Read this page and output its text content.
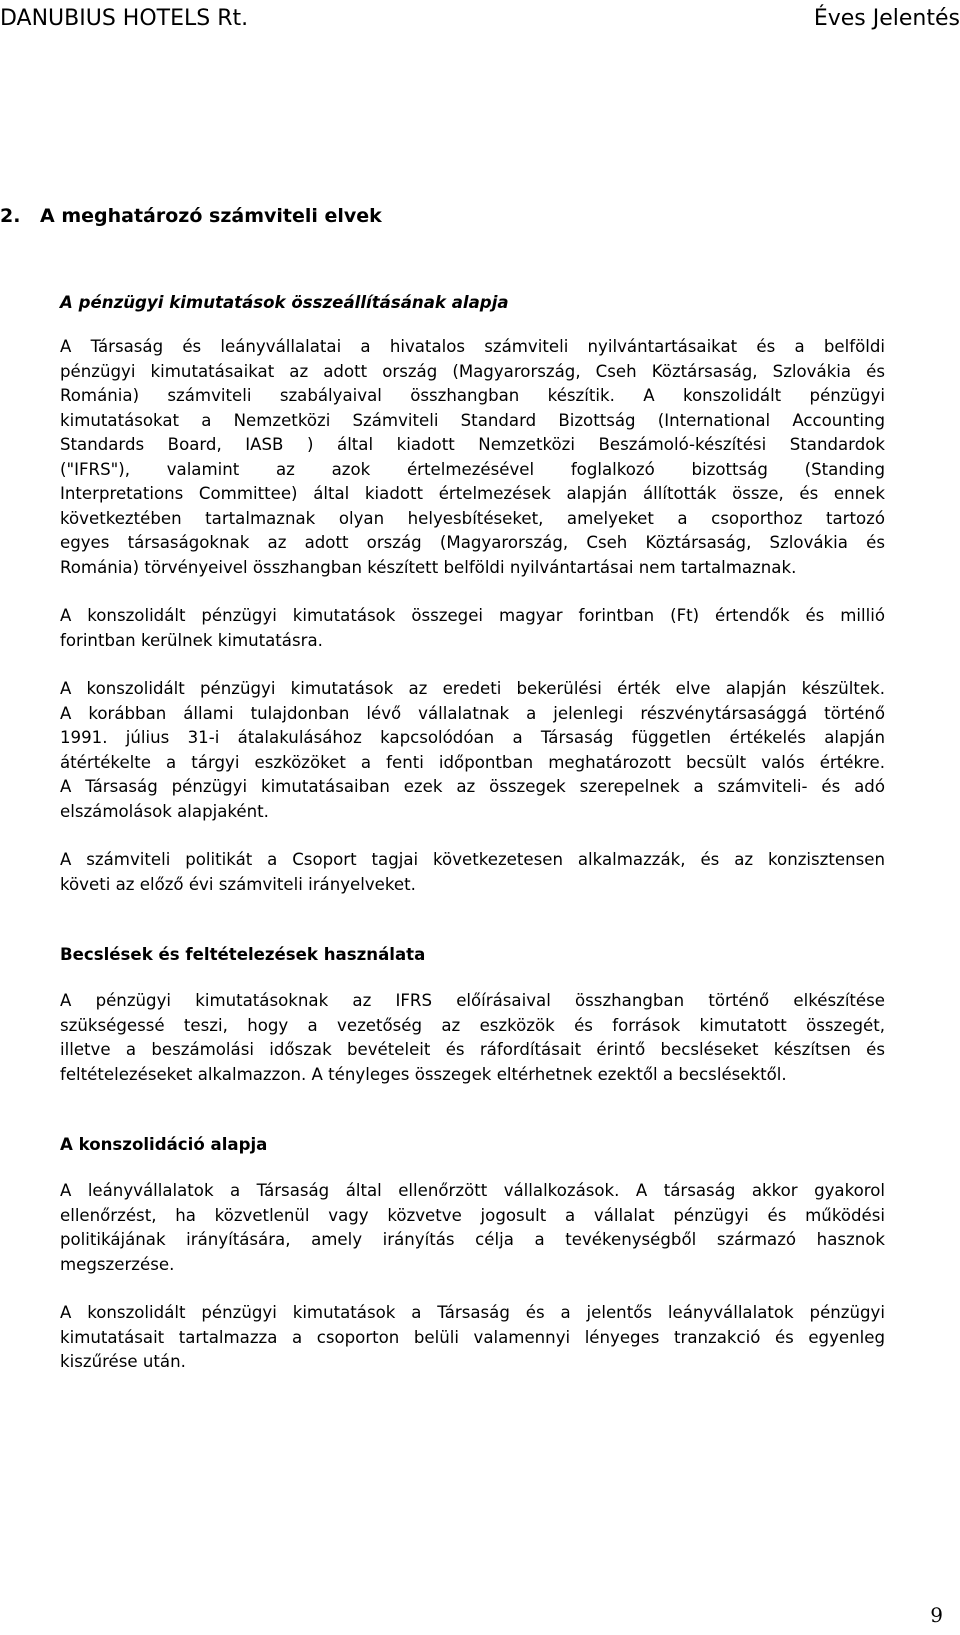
DANUBIUS HOTELS Rt.	Éves Jelentés
2. A meghatározó számviteli elvek
A pénzügyi kimutatások összeállításának alapja
A Társaság és leányvállalatai a hivatalos számviteli nyilvántartásaikat és a belföldi
pénzügyi kimutatásaikat az adott ország (Magyarország, Cseh Köztársaság, Szlovákia és
Románia) számviteli szabályaival összhangban készítik. A konszolidált pénzügyi
kimutatásokat a Nemzetközi Számviteli Standard Bizottság (International Accounting
Standards Board, IASB ) által kiadott Nemzetközi Beszámoló-készítési Standardok
("IFRS"), valamint az azok értelmezésével foglalkozó bizottság (Standing
Interpretations Committee) által kiadott értelmezések alapján állították össze, és ennek
következtében tartalmaznak olyan helyesbítéseket, amelyeket a csoporthoz tartozó
egyes társaságoknak az adott ország (Magyarország, Cseh Köztársaság, Szlovákia és
Románia) törvényeivel összhangban készített belföldi nyilvántartásai nem tartalmaznak.
A konszolidált pénzügyi kimutatások összegei magyar forintban (Ft) értendők és millió
forintban kerülnek kimutatásra.
A konszolidált pénzügyi kimutatások az eredeti bekerülési érték elve alapján készültek.
A korábban állami tulajdonban lévő vállalatnak a jelenlegi részvénytársasággá történő
1991. július 31-i átalakulásához kapcsolódóan a Társaság független értékelés alapján
átértékelte a tárgyi eszközöket a fenti időpontban meghatározott becsült valós értékre.
A Társaság pénzügyi kimutatásaiban ezek az összegek szerepelnek a számviteli- és adó
elszámolások alapjaként.
A számviteli politikát a Csoport tagjai következetesen alkalmazzák, és az konzisztensen
követi az előző évi számviteli irányelveket.
Becslések és feltételezések használata
A pénzügyi kimutatásoknak az IFRS előírásaival összhangban történő elkészítése
szükségessé teszi, hogy a vezetőség az eszközök és források kimutatott összegét,
illetve a beszámolási időszak bevételeit és ráfordításait érintő becsléseket készítsen és
feltételezéseket alkalmazzon. A tényleges összegek eltérhetnek ezektől a becslésektől.
A konszolidáció alapja
A leányvállalatok a Társaság által ellenőrzött vállalkozások. A társaság akkor gyakorol
ellenőrzést, ha közvetlenül vagy közvetve jogosult a vállalat pénzügyi és működési
politikájának irányítására, amely irányítás célja a tevékenységből származó hasznok
megszerzése.
A konszolidált pénzügyi kimutatások a Társaság és a jelentős leányvállalatok pénzügyi
kimutatásait tartalmazza a csoporton belüli valamennyi lényeges tranzakció és egyenleg
kiszűrése után.
9
